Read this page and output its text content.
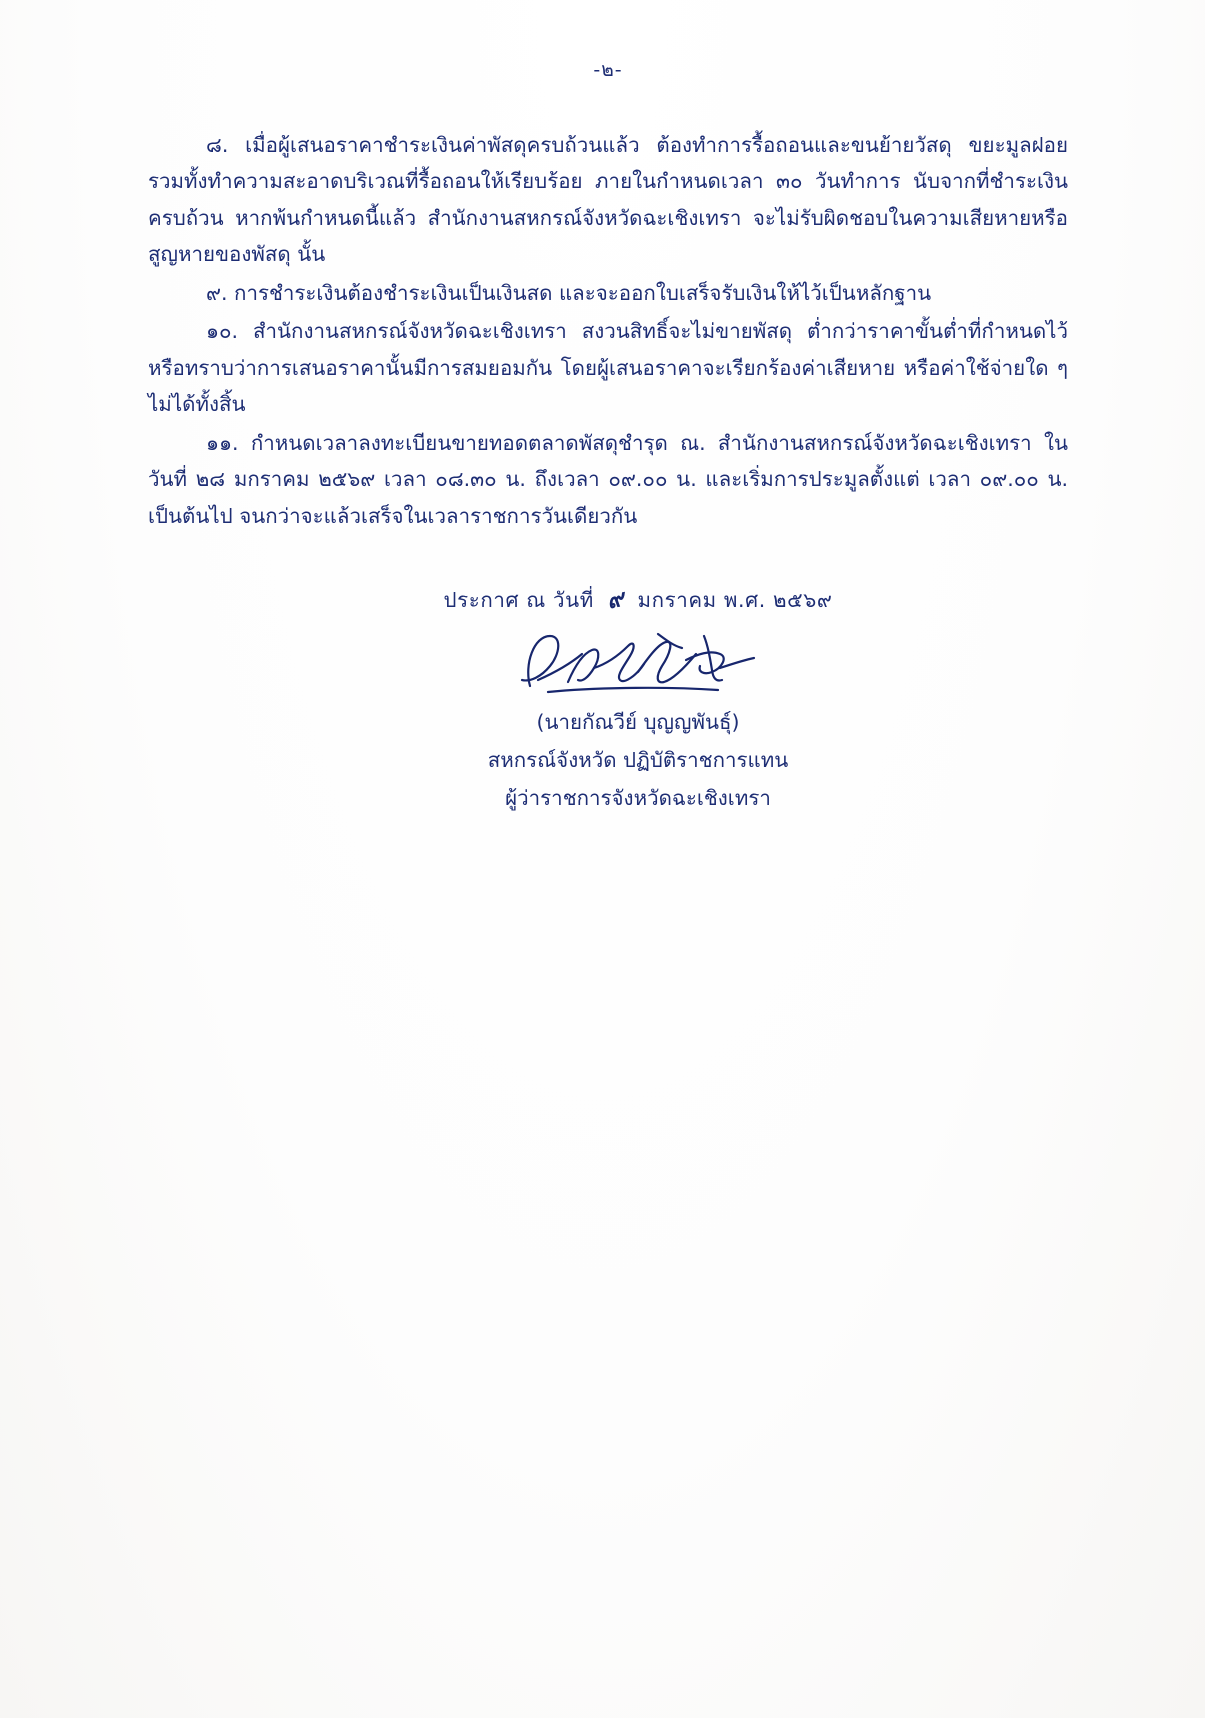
-๒-

๘. เมื่อผู้เสนอราคาชำระเงินค่าพัสดุครบถ้วนแล้ว ต้องทำการรื้อถอนและขนย้ายวัสดุ ขยะมูลฝอย รวมทั้งทำความสะอาดบริเวณที่รื้อถอนให้เรียบร้อย ภายในกำหนดเวลา ๓๐ วันทำการ นับจากที่ชำระเงินครบถ้วน หากพ้นกำหนดนี้แล้ว สำนักงานสหกรณ์จังหวัดฉะเชิงเทรา จะไม่รับผิดชอบในความเสียหายหรือสูญหายของพัสดุ นั้น

๙. การชำระเงินต้องชำระเงินเป็นเงินสด และจะออกใบเสร็จรับเงินให้ไว้เป็นหลักฐาน

๑๐. สำนักงานสหกรณ์จังหวัดฉะเชิงเทรา สงวนสิทธิ์จะไม่ขายพัสดุ ต่ำกว่าราคาขั้นต่ำที่กำหนดไว้ หรือทราบว่าการเสนอราคานั้นมีการสมยอมกัน โดยผู้เสนอราคาจะเรียกร้องค่าเสียหาย หรือค่าใช้จ่ายใด ๆ ไม่ได้ทั้งสิ้น

๑๑. กำหนดเวลาลงทะเบียนขายทอดตลาดพัสดุชำรุด ณ. สำนักงานสหกรณ์จังหวัดฉะเชิงเทรา ในวันที่ ๒๘ มกราคม ๒๕๖๙ เวลา ๐๘.๓๐ น. ถึงเวลา ๐๙.๐๐ น. และเริ่มการประมูลตั้งแต่ เวลา ๐๙.๐๐ น. เป็นต้นไป จนกว่าจะแล้วเสร็จในเวลาราชการวันเดียวกัน

ประกาศ ณ วันที่ ๙ มกราคม พ.ศ. ๒๕๖๙
(นายกัณวีย์ บุญญพันธุ์)
สหกรณ์จังหวัด ปฏิบัติราชการแทน
ผู้ว่าราชการจังหวัดฉะเชิงเทรา
